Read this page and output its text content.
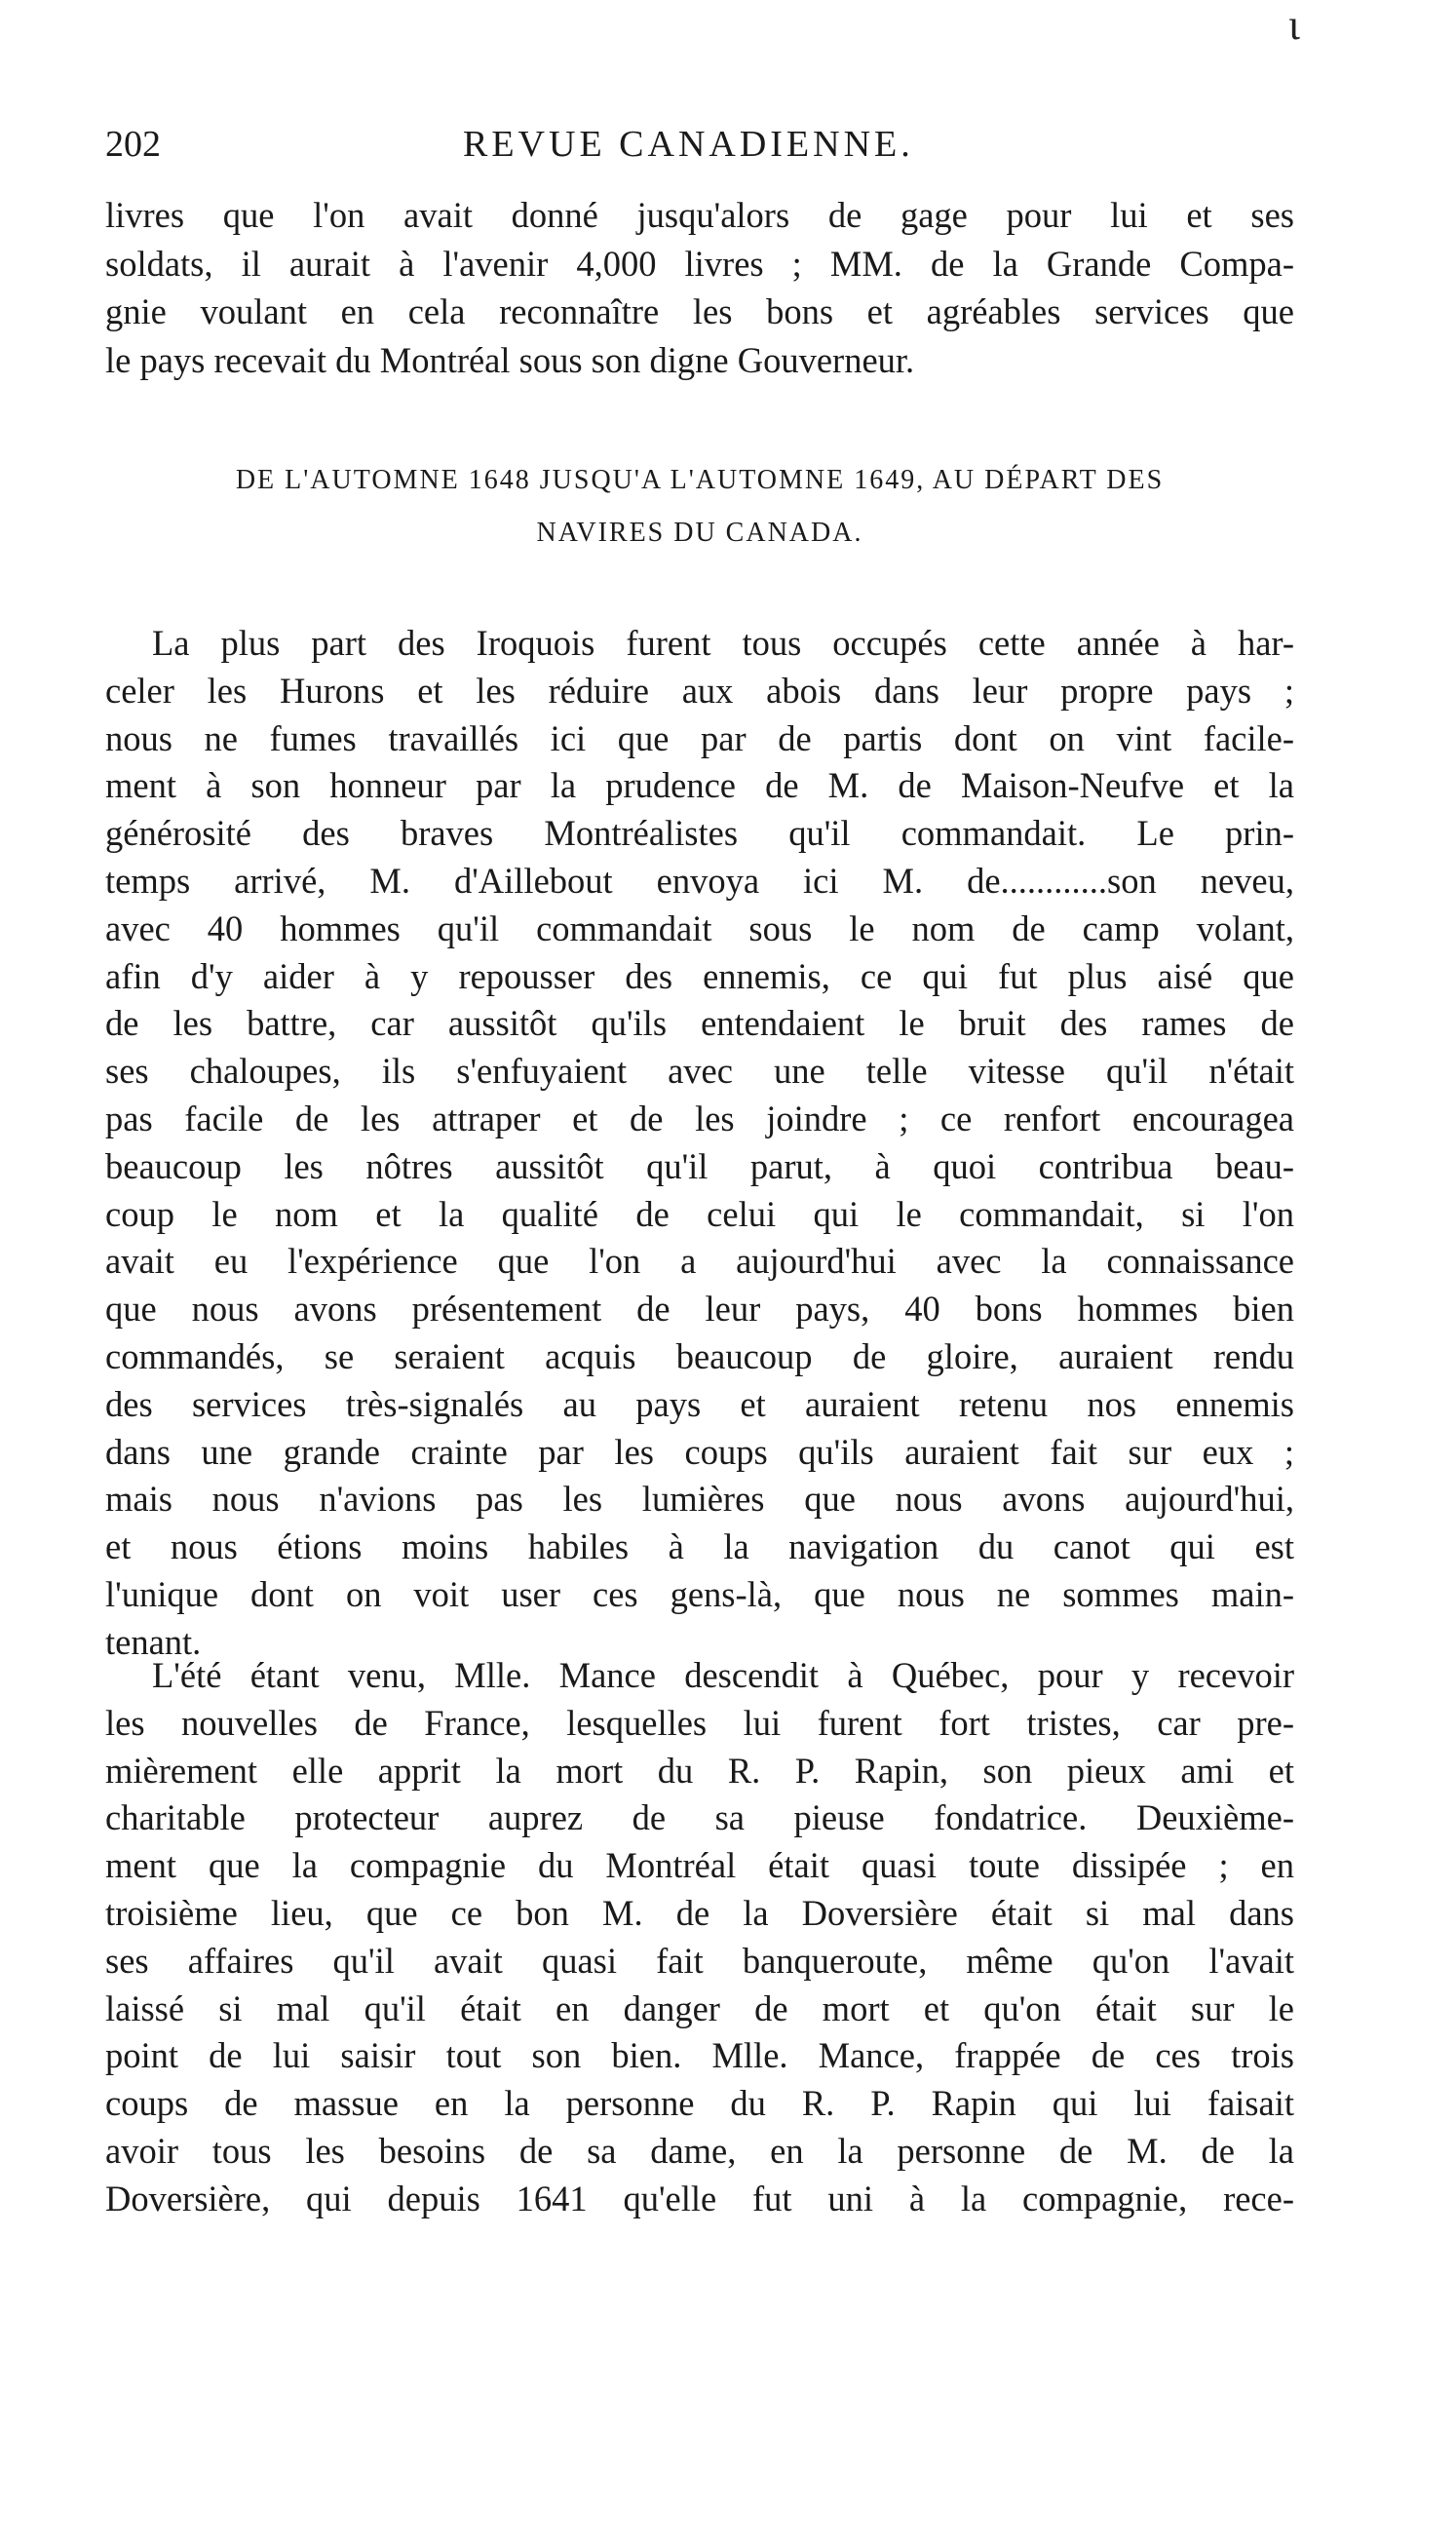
ɩ
202	REVUE CANADIENNE.
livres que l'on avait donné jusqu'alors de gage pour lui et ses
soldats, il aurait à l'avenir 4,000 livres ; MM. de la Grande Compa-
gnie voulant en cela reconnaître les bons et agréables services que
le pays recevait du Montréal sous son digne Gouverneur.
DE L'AUTOMNE 1648 JUSQU'A L'AUTOMNE 1649, AU DÉPART DES
NAVIRES DU CANADA.
La plus part des Iroquois furent tous occupés cette année à har-
celer les Hurons et les réduire aux abois dans leur propre pays ;
nous ne fumes travaillés ici que par de partis dont on vint facile-
ment à son honneur par la prudence de M. de Maison-Neufve et la
générosité des braves Montréalistes qu'il commandait. Le prin-
temps arrivé, M. d'Aillebout envoya ici M. de............son neveu,
avec 40 hommes qu'il commandait sous le nom de camp volant,
afin d'y aider à y repousser des ennemis, ce qui fut plus aisé que
de les battre, car aussitôt qu'ils entendaient le bruit des rames de
ses chaloupes, ils s'enfuyaient avec une telle vitesse qu'il n'était
pas facile de les attraper et de les joindre ; ce renfort encouragea
beaucoup les nôtres aussitôt qu'il parut, à quoi contribua beau-
coup le nom et la qualité de celui qui le commandait, si l'on
avait eu l'expérience que l'on a aujourd'hui avec la connaissance
que nous avons présentement de leur pays, 40 bons hommes bien
commandés, se seraient acquis beaucoup de gloire, auraient rendu
des services très-signalés au pays et auraient retenu nos ennemis
dans une grande crainte par les coups qu'ils auraient fait sur eux ;
mais nous n'avions pas les lumières que nous avons aujourd'hui,
et nous étions moins habiles à la navigation du canot qui est
l'unique dont on voit user ces gens-là, que nous ne sommes main-
tenant.
L'été étant venu, Mlle. Mance descendit à Québec, pour y recevoir
les nouvelles de France, lesquelles lui furent fort tristes, car pre-
mièrement elle apprit la mort du R. P. Rapin, son pieux ami et
charitable protecteur auprez de sa pieuse fondatrice. Deuxième-
ment que la compagnie du Montréal était quasi toute dissipée ; en
troisième lieu, que ce bon M. de la Doversière était si mal dans
ses affaires qu'il avait quasi fait banqueroute, même qu'on l'avait
laissé si mal qu'il était en danger de mort et qu'on était sur le
point de lui saisir tout son bien. Mlle. Mance, frappée de ces trois
coups de massue en la personne du R. P. Rapin qui lui faisait
avoir tous les besoins de sa dame, en la personne de M. de la
Doversière, qui depuis 1641 qu'elle fut uni à la compagnie, rece-
